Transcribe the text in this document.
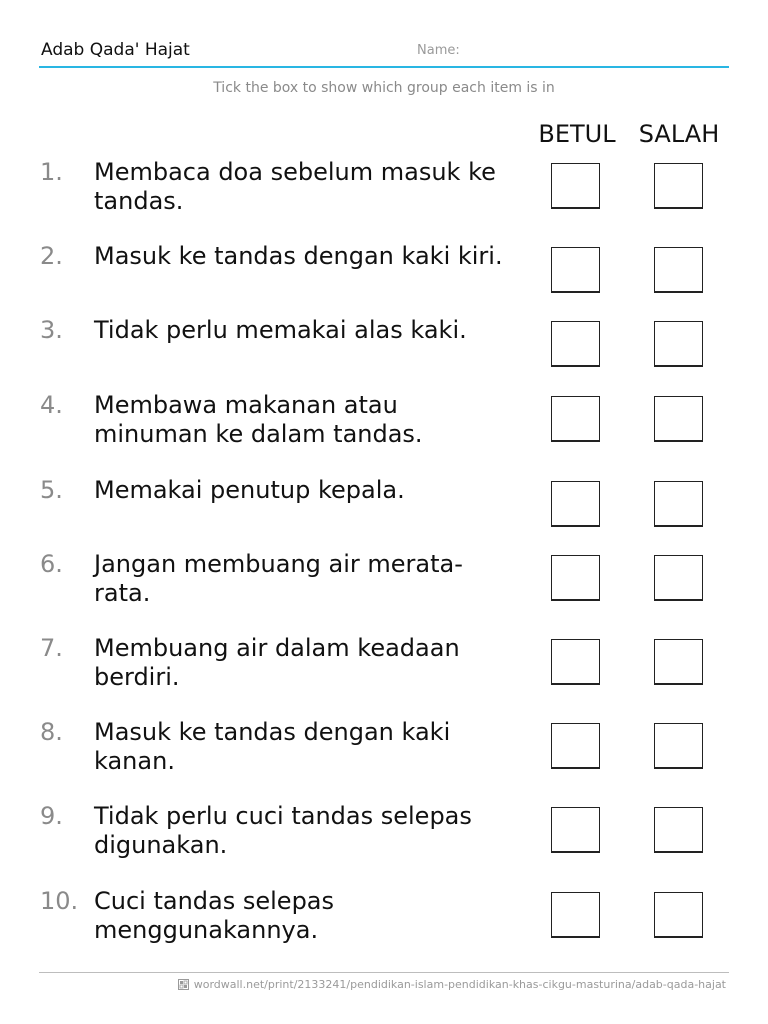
Adab Qada' Hajat	Name:
Tick the box to show which group each item is in
BETUL SALAH
1. Membaca doa sebelum masuk ke tandas.
2. Masuk ke tandas dengan kaki kiri.
3. Tidak perlu memakai alas kaki.
4. Membawa makanan atau minuman ke dalam tandas.
5. Memakai penutup kepala.
6. Jangan membuang air merata-rata.
7. Membuang air dalam keadaan berdiri.
8. Masuk ke tandas dengan kaki kanan.
9. Tidak perlu cuci tandas selepas digunakan.
10. Cuci tandas selepas menggunakannya.
wordwall.net/print/2133241/pendidikan-islam-pendidikan-khas-cikgu-masturina/adab-qada-hajat
